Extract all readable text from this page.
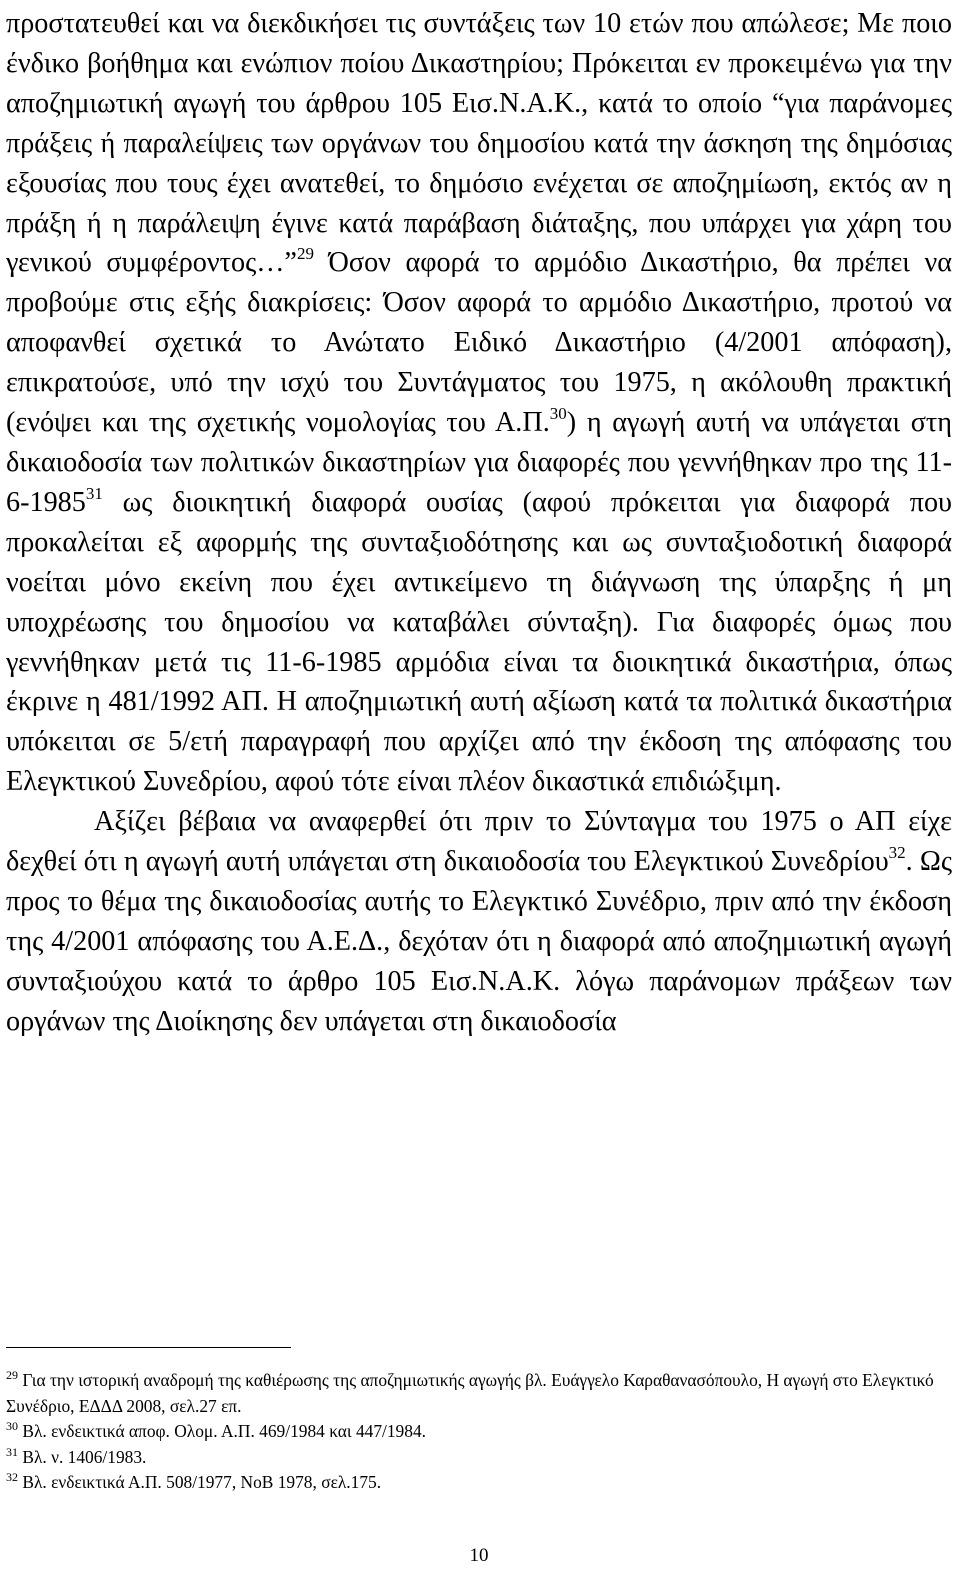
προστατευθεί και να διεκδικήσει τις συντάξεις των 10 ετών που απώλεσε; Με ποιο ένδικο βοήθημα και ενώπιον ποίου Δικαστηρίου; Πρόκειται εν προκειμένω για την αποζημιωτική αγωγή του άρθρου 105 Εισ.Ν.Α.Κ., κατά το οποίο “για παράνομες πράξεις ή παραλείψεις των οργάνων του δημοσίου κατά την άσκηση της δημόσιας εξουσίας που τους έχει ανατεθεί, το δημόσιο ενέχεται σε αποζημίωση, εκτός αν η πράξη ή η παράλειψη έγινε κατά παράβαση διάταξης, που υπάρχει για χάρη του γενικού συμφέροντος…”$^{29}$ Όσον αφορά το αρμόδιο Δικαστήριο, θα πρέπει να προβούμε στις εξής διακρίσεις: Όσον αφορά το αρμόδιο Δικαστήριο, προτού να αποφανθεί σχετικά το Ανώτατο Ειδικό Δικαστήριο (4/2001 απόφαση), επικρατούσε, υπό την ισχύ του Συντάγματος του 1975, η ακόλουθη πρακτική (ενόψει και της σχετικής νομολογίας του Α.Π.$^{30}$) η αγωγή αυτή να υπάγεται στη δικαιοδοσία των πολιτικών δικαστηρίων για διαφορές που γεννήθηκαν προ της 11-6-1985$^{31}$ ως διοικητική διαφορά ουσίας (αφού πρόκειται για διαφορά που προκαλείται εξ αφορμής της συνταξιοδότησης και ως συνταξιοδοτική διαφορά νοείται μόνο εκείνη που έχει αντικείμενο τη διάγνωση της ύπαρξης ή μη υποχρέωσης του δημοσίου να καταβάλει σύνταξη). Για διαφορές όμως που γεννήθηκαν μετά τις 11-6-1985 αρμόδια είναι τα διοικητικά δικαστήρια, όπως έκρινε η 481/1992 ΑΠ. Η αποζημιωτική αυτή αξίωση κατά τα πολιτικά δικαστήρια υπόκειται σε 5/ετή παραγραφή που αρχίζει από την έκδοση της απόφασης του Ελεγκτικού Συνεδρίου, αφού τότε είναι πλέον δικαστικά επιδιώξιμη.

Αξίζει βέβαια να αναφερθεί ότι πριν το Σύνταγμα του 1975 ο ΑΠ είχε δεχθεί ότι η αγωγή αυτή υπάγεται στη δικαιοδοσία του Ελεγκτικού Συνεδρίου$^{32}$. Ως προς το θέμα της δικαιοδοσίας αυτής το Ελεγκτικό Συνέδριο, πριν από την έκδοση της 4/2001 απόφασης του Α.Ε.Δ., δεχόταν ότι η διαφορά από αποζημιωτική αγωγή συνταξιούχου κατά το άρθρο 105 Εισ.Ν.Α.Κ. λόγω παράνομων πράξεων των οργάνων της Διοίκησης δεν υπάγεται στη δικαιοδοσία

$^{29}$ Για την ιστορική αναδρομή της καθιέρωσης της αποζημιωτικής αγωγής βλ. Ευάγγελο Καραθανασόπουλο, Η αγωγή στο Ελεγκτικό Συνέδριο, ΕΔΔΔ 2008, σελ.27 επ.

$^{30}$ Βλ. ενδεικτικά αποφ. Ολομ. Α.Π. 469/1984 και 447/1984.

$^{31}$ Βλ. ν. 1406/1983.

$^{32}$ Βλ. ενδεικτικά Α.Π. 508/1977, ΝοΒ 1978, σελ.175.

10
